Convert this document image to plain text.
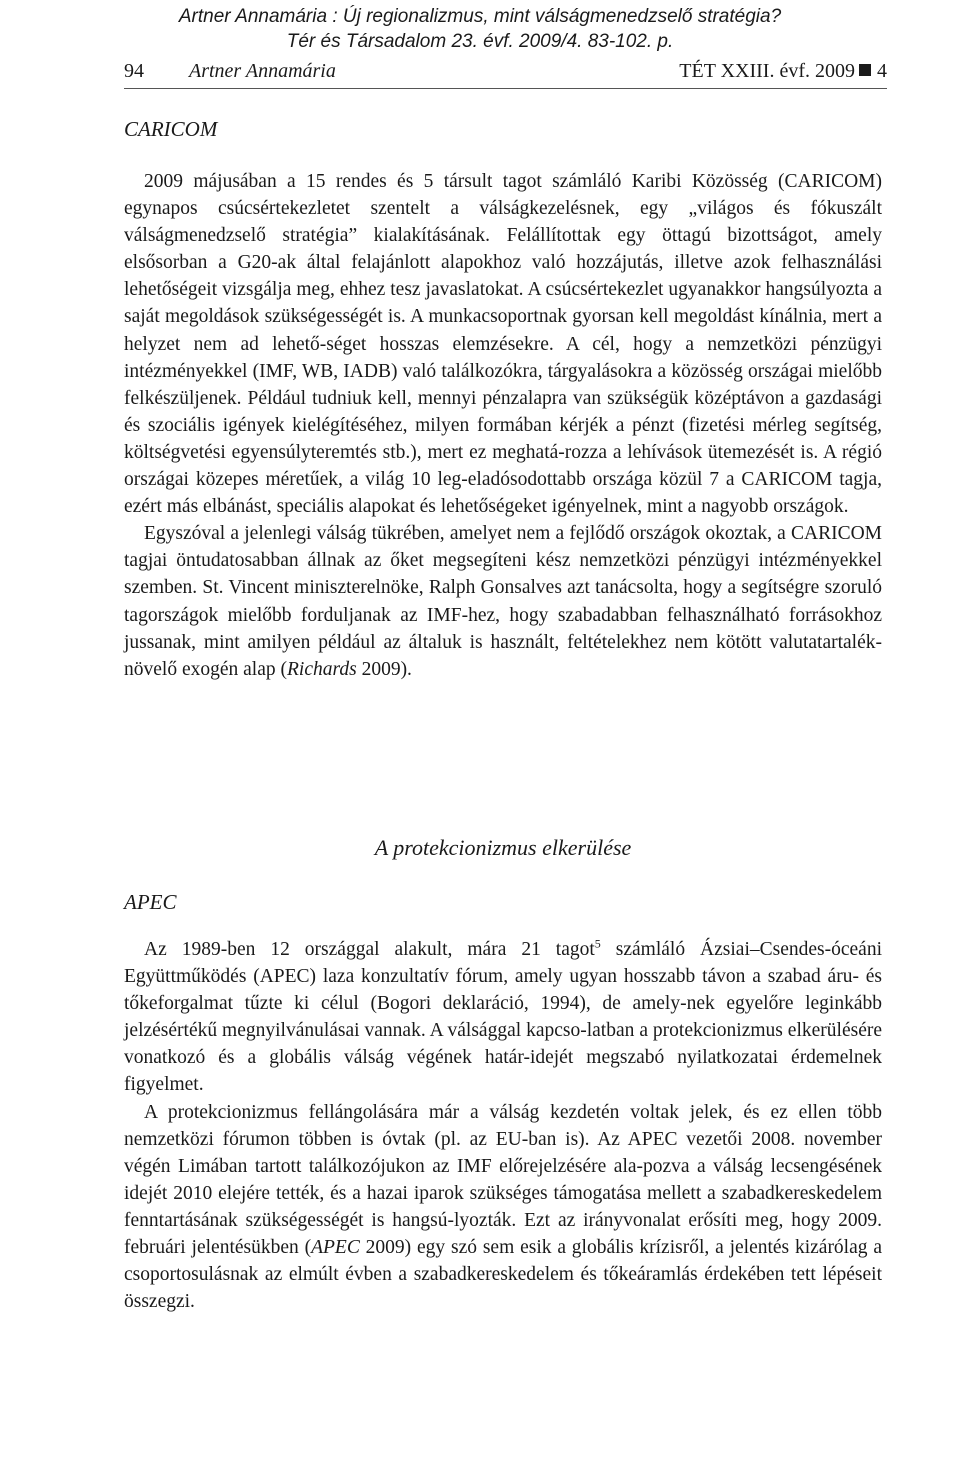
Artner Annamária : Új regionalizmus, mint válságmenedzselő stratégia?
Tér és Társadalom 23. évf. 2009/4. 83-102. p.
94 Artner Annamária	TÉT XXIII. évf. 2009 4
CARICOM

2009 májusában a 15 rendes és 5 társult tagot számláló Karibi Közösség (CARICOM) egynapos csúcsértekezletet szentelt a válságkezelésnek, egy „világos és fókuszált válságmenedzselő stratégia” kialakításának. Felállítottak egy öttagú bizottságot, amely elsősorban a G20-ak által felajánlott alapokhoz való hozzájutás, illetve azok felhasználási lehetőségeit vizsgálja meg, ehhez tesz javaslatokat. A csúcsértekezlet ugyanakkor hangsúlyozta a saját megoldások szükségességét is. A munkacsoportnak gyorsan kell megoldást kínálnia, mert a helyzet nem ad lehető-séget hosszas elemzésekre. A cél, hogy a nemzetközi pénzügyi intézményekkel (IMF, WB, IADB) való találkozókra, tárgyalásokra a közösség országai mielőbb felkészüljenek. Például tudniuk kell, mennyi pénzalapra van szükségük középtávon a gazdasági és szociális igények kielégítéséhez, milyen formában kérjék a pénzt (fizetési mérleg segítség, költségvetési egyensúlyteremtés stb.), mert ez meghatá-rozza a lehívások ütemezését is. A régió országai közepes méretűek, a világ 10 leg-eladósodottabb országa közül 7 a CARICOM tagja, ezért más elbánást, speciális alapokat és lehetőségeket igényelnek, mint a nagyobb országok.

Egyszóval a jelenlegi válság tükrében, amelyet nem a fejlődő országok okoztak, a CARICOM tagjai öntudatosabban állnak az őket megsegíteni kész nemzetközi pénzügyi intézményekkel szemben. St. Vincent miniszterelnöke, Ralph Gonsalves azt tanácsolta, hogy a segítségre szoruló tagországok mielőbb forduljanak az IMF-hez, hogy szabadabban felhasználható forrásokhoz jussanak, mint amilyen például az általuk is használt, feltételekhez nem kötött valutatartalék-növelő exogén alap (Richards 2009).

A protekcionizmus elkerülése
APEC

Az 1989-ben 12 országgal alakult, mára 21 tagot$^5$ számláló Ázsiai–Csendes-óceáni Együttműködés (APEC) laza konzultatív fórum, amely ugyan hosszabb távon a szabad áru- és tőkeforgalmat tűzte ki célul (Bogori deklaráció, 1994), de amely-nek egyelőre leginkább jelzésértékű megnyilvánulásai vannak. A válsággal kapcso-latban a protekcionizmus elkerülésére vonatkozó és a globális válság végének határ-idejét megszabó nyilatkozatai érdemelnek figyelmet.

A protekcionizmus fellángolására már a válság kezdetén voltak jelek, és ez ellen több nemzetközi fórumon többen is óvtak (pl. az EU-ban is). Az APEC vezetői 2008. november végén Limában tartott találkozójukon az IMF előrejelzésére ala-pozva a válság lecsengésének idejét 2010 elejére tették, és a hazai iparok szükséges támogatása mellett a szabadkereskedelem fenntartásának szükségességét is hangsú-lyozták. Ezt az irányvonalat erősíti meg, hogy 2009. februári jelentésükben (APEC 2009) egy szó sem esik a globális krízisről, a jelentés kizárólag a csoportosulásnak az elmúlt évben a szabadkereskedelem és tőkeáramlás érdekében tett lépéseit összegzi.
